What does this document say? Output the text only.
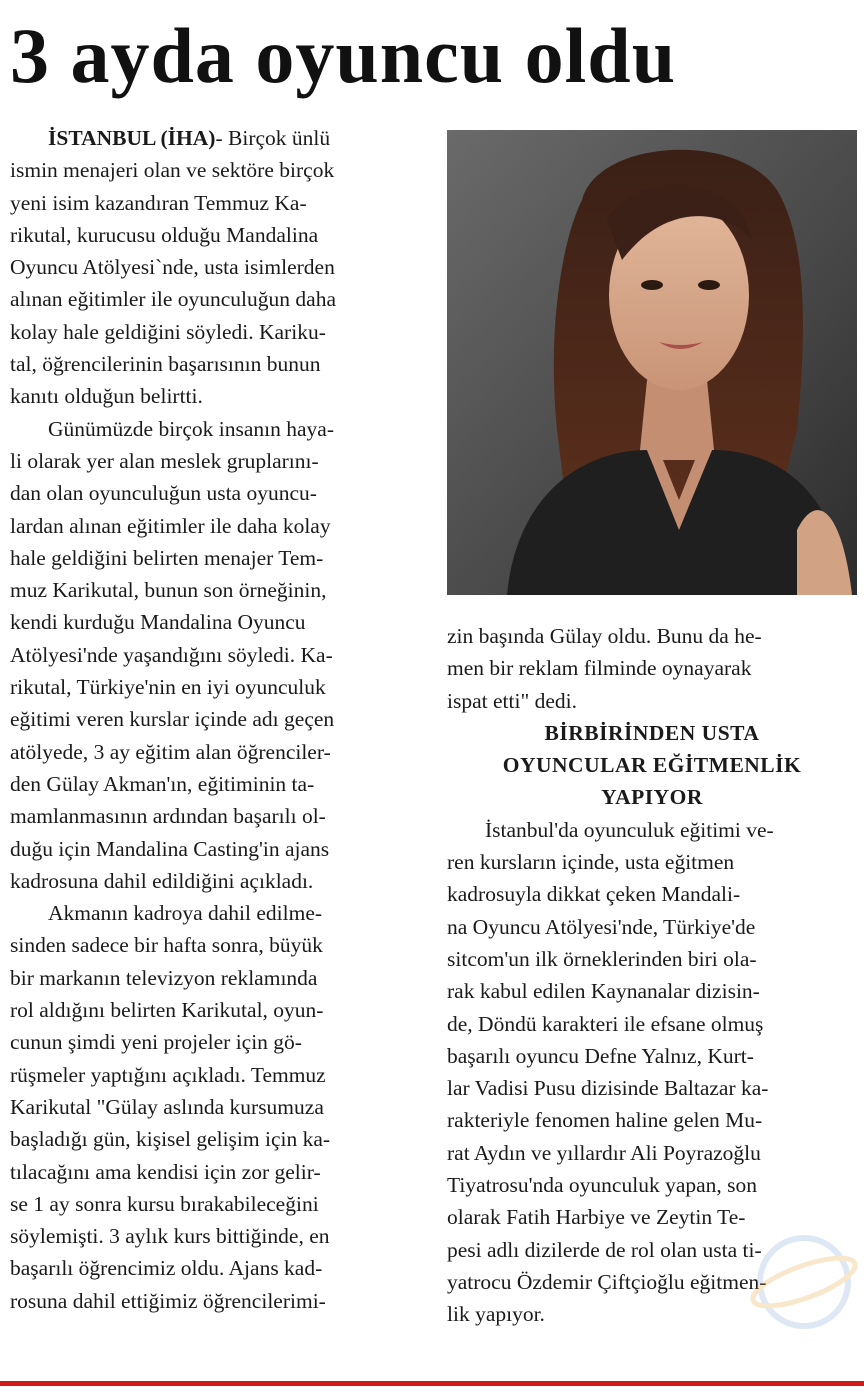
3 ayda oyuncu oldu
İSTANBUL (İHA)- Birçok ünlü
ismin menajeri olan ve sektöre birçok
yeni isim kazandıran Temmuz Ka-
rikutal, kurucusu olduğu Mandalina
Oyuncu Atölyesi`nde, usta isimlerden
alınan eğitimler ile oyunculuğun daha
kolay hale geldiğini söyledi. Kariku-
tal, öğrencilerinin başarısının bunun
kanıtı olduğun belirtti.
Günümüzde birçok insanın haya-
li olarak yer alan meslek gruplarını-
dan olan oyunculuğun usta oyuncu-
lardan alınan eğitimler ile daha kolay
hale geldiğini belirten menajer Tem-
muz Karikutal, bunun son örneğinin,
kendi kurduğu Mandalina Oyuncu
Atölyesi'nde yaşandığını söyledi. Ka-
rikutal, Türkiye'nin en iyi oyunculuk
eğitimi veren kurslar içinde adı geçen
atölyede, 3 ay eğitim alan öğrenciler-
den Gülay Akman'ın, eğitiminin ta-
mamlanmasının ardından başarılı ol-
duğu için Mandalina Casting'in ajans
kadrosuna dahil edildiğini açıkladı.
Akmanın kadroya dahil edilme-
sinden sadece bir hafta sonra, büyük
bir markanın televizyon reklamında
rol aldığını belirten Karikutal, oyun-
cunun şimdi yeni projeler için gö-
rüşmeler yaptığını açıkladı. Temmuz
Karikutal "Gülay aslında kursumuza
başladığı gün, kişisel gelişim için ka-
tılacağını ama kendisi için zor gelir-
se 1 ay sonra kursu bırakabileceğini
söylemişti. 3 aylık kurs bittiğinde, en
başarılı öğrencimiz oldu. Ajans kad-
rosuna dahil ettiğimiz öğrencilerimi-
zin başında Gülay oldu. Bunu da he-
men bir reklam filminde oynayarak
ispat etti" dedi.
BİRBİRİNDEN USTA
OYUNCULAR EĞİTMENLİK
YAPIYOR
İstanbul'da oyunculuk eğitimi ve-
ren kursların içinde, usta eğitmen
kadrosuyla dikkat çeken Mandali-
na Oyuncu Atölyesi'nde, Türkiye'de
sitcom'un ilk örneklerinden biri ola-
rak kabul edilen Kaynanalar dizisin-
de, Döndü karakteri ile efsane olmuş
başarılı oyuncu Defne Yalnız, Kurt-
lar Vadisi Pusu dizisinde Baltazar ka-
rakteriyle fenomen haline gelen Mu-
rat Aydın ve yıllardır Ali Poyrazoğlu
Tiyatrosu'nda oyunculuk yapan, son
olarak Fatih Harbiye ve Zeytin Te-
pesi adlı dizilerde de rol olan usta ti-
yatrocu Özdemir Çiftçioğlu eğitmen-
lik yapıyor.
